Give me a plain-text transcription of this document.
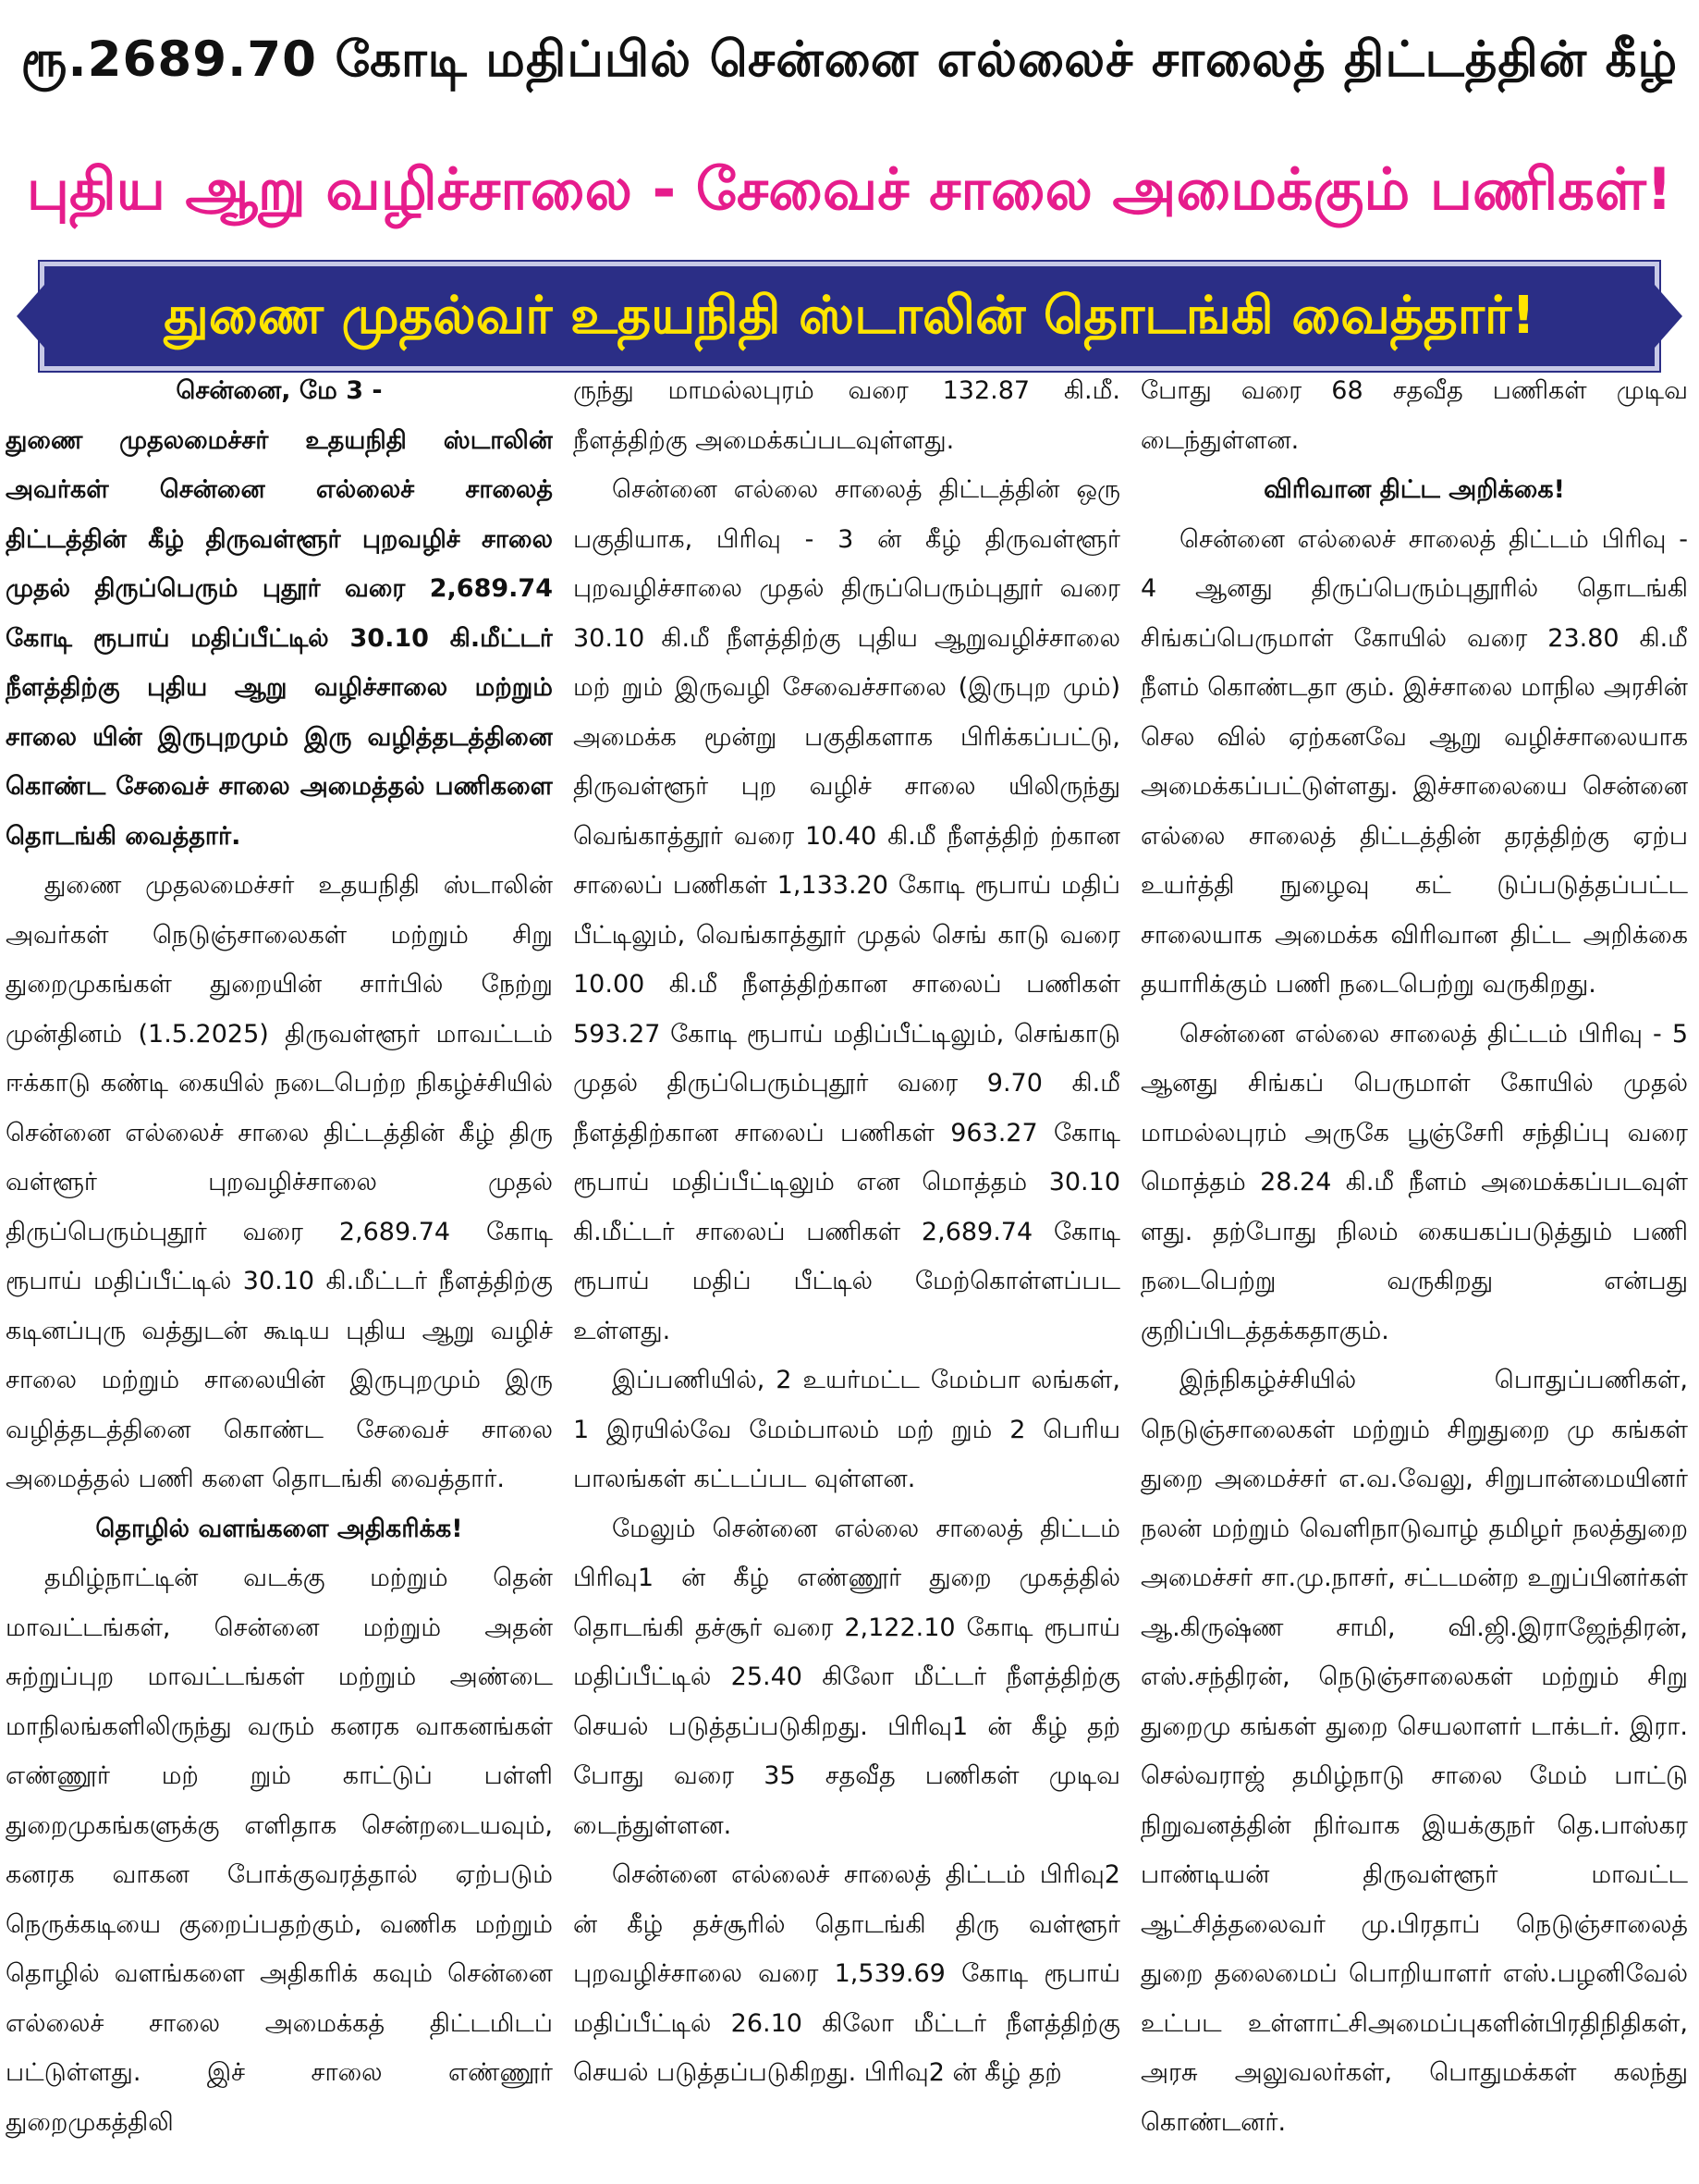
ரூ.2689.70 கோடி மதிப்பில் சென்னை எல்லைச் சாலைத் திட்டத்தின் கீழ்
புதிய ஆறு வழிச்சாலை - சேவைச் சாலை அமைக்கும் பணிகள்!
துணை முதல்வர் உதயநிதி ஸ்டாலின் தொடங்கி வைத்தார்!

சென்னை, மே 3 -
துணை முதலமைச்சர் உதயநிதி ஸ்டாலின் அவர்கள் சென்னை எல்லைச் சாலைத் திட்டத்தின் கீழ் திருவள்ளூர் புறவழிச் சாலை முதல் திருப்பெரும் புதூர் வரை 2,689.74 கோடி ரூபாய் மதிப்பீட்டில் 30.10 கி.மீட்டர் நீளத்திற்கு புதிய ஆறு வழிச்சாலை மற்றும் சாலை யின் இருபுறமும் இரு வழித்தடத்தினை கொண்ட சேவைச் சாலை அமைத்தல் பணிகளை தொடங்கி வைத்தார்.

துணை முதலமைச்சர் உதயநிதி ஸ்டாலின் அவர்கள் நெடுஞ்சாலைகள் மற்றும் சிறு துறைமுகங்கள் துறையின் சார்பில் நேற்று முன்தினம் (1.5.2025) திருவள்ளூர் மாவட்டம் ஈக்காடு கண்டி கையில் நடைபெற்ற நிகழ்ச்சியில் சென்னை எல்லைச் சாலை திட்டத்தின் கீழ் திரு வள்ளூர் புறவழிச்சாலை முதல் திருப்பெரும்புதூர் வரை 2,689.74 கோடி ரூபாய் மதிப்பீட்டில் 30.10 கி.மீட்டர் நீளத்திற்கு கடினப்புரு வத்துடன் கூடிய புதிய ஆறு வழிச் சாலை மற்றும் சாலையின் இருபுறமும் இரு வழித்தடத்தினை கொண்ட சேவைச் சாலை அமைத்தல் பணி களை தொடங்கி வைத்தார்.

தொழில் வளங்களை அதிகரிக்க!

தமிழ்நாட்டின் வடக்கு மற்றும் தென் மாவட்டங்கள், சென்னை மற்றும் அதன் சுற்றுப்புற மாவட்டங்கள் மற்றும் அண்டை மாநிலங்களிலிருந்து வரும் கனரக வாகனங்கள் எண்ணூர் மற் றும் காட்டுப் பள்ளி துறைமுகங்களுக்கு எளிதாக சென்றடையவும், கனரக வாகன போக்குவரத்தால் ஏற்படும் நெருக்கடியை குறைப்பதற்கும், வணிக மற்றும் தொழில் வளங்களை அதிகரிக் கவும் சென்னை எல்லைச் சாலை அமைக்கத் திட்டமிடப் பட்டுள்ளது. இச் சாலை எண்ணூர் துறைமுகத்திலி

ருந்து மாமல்லபுரம் வரை 132.87 கி.மீ. நீளத்திற்கு அமைக்கப்படவுள்ளது.

சென்னை எல்லை சாலைத் திட்டத்தின் ஒரு பகுதியாக, பிரிவு - 3 ன் கீழ் திருவள்ளூர் புறவழிச்சாலை முதல் திருப்பெரும்புதூர் வரை 30.10 கி.மீ நீளத்திற்கு புதிய ஆறுவழிச்சாலை மற் றும் இருவழி சேவைச்சாலை (இருபுற மும்) அமைக்க மூன்று பகுதிகளாக பிரிக்கப்பட்டு, திருவள்ளூர் புற வழிச் சாலை யிலிருந்து வெங்காத்தூர் வரை 10.40 கி.மீ நீளத்திற் ற்கான சாலைப் பணிகள் 1,133.20 கோடி ரூபாய் மதிப் பீட்டிலும், வெங்காத்தூர் முதல் செங் காடு வரை 10.00 கி.மீ நீளத்திற்கான சாலைப் பணிகள் 593.27 கோடி ரூபாய் மதிப்பீட்டிலும், செங்காடு முதல் திருப்பெரும்புதூர் வரை 9.70 கி.மீ நீளத்திற்கான சாலைப் பணிகள் 963.27 கோடி ரூபாய் மதிப்பீட்டிலும் என மொத்தம் 30.10 கி.மீட்டர் சாலைப் பணிகள் 2,689.74 கோடி ரூபாய் மதிப் பீட்டில் மேற்கொள்ளப்பட உள்ளது.

இப்பணியில், 2 உயர்மட்ட மேம்பா லங்கள், 1 இரயில்வே மேம்பாலம் மற் றும் 2 பெரிய பாலங்கள் கட்டப்பட வுள்ளன.

மேலும் சென்னை எல்லை சாலைத் திட்டம் பிரிவு1 ன் கீழ் எண்ணூர் துறை முகத்தில் தொடங்கி தச்சூர் வரை 2,122.10 கோடி ரூபாய் மதிப்பீட்டில் 25.40 கிலோ மீட்டர் நீளத்திற்கு செயல் படுத்தப்படுகிறது. பிரிவு1 ன் கீழ் தற் போது வரை 35 சதவீத பணிகள் முடிவ டைந்துள்ளன.

சென்னை எல்லைச் சாலைத் திட்டம் பிரிவு2 ன் கீழ் தச்சூரில் தொடங்கி திரு வள்ளூர் புறவழிச்சாலை வரை 1,539.69 கோடி ரூபாய் மதிப்பீட்டில் 26.10 கிலோ மீட்டர் நீளத்திற்கு செயல் படுத்தப்படுகிறது. பிரிவு2 ன் கீழ் தற்

போது வரை 68 சதவீத பணிகள் முடிவ டைந்துள்ளன.

விரிவான திட்ட அறிக்கை!

சென்னை எல்லைச் சாலைத் திட்டம் பிரிவு - 4 ஆனது திருப்பெரும்புதூரில் தொடங்கி சிங்கப்பெருமாள் கோயில் வரை 23.80 கி.மீ நீளம் கொண்டதா கும். இச்சாலை மாநில அரசின் செல வில் ஏற்கனவே ஆறு வழிச்சாலையாக அமைக்கப்பட்டுள்ளது. இச்சாலையை சென்னை எல்லை சாலைத் திட்டத்தின் தரத்திற்கு ஏற்ப உயர்த்தி நுழைவு கட் டுப்படுத்தப்பட்ட சாலையாக அமைக்க விரிவான திட்ட அறிக்கை தயாரிக்கும் பணி நடைபெற்று வருகிறது.

சென்னை எல்லை சாலைத் திட்டம் பிரிவு - 5 ஆனது சிங்கப் பெருமாள் கோயில் முதல் மாமல்லபுரம் அருகே பூஞ்சேரி சந்திப்பு வரை மொத்தம் 28.24 கி.மீ நீளம் அமைக்கப்படவுள் ளது. தற்போது நிலம் கையகப்படுத்தும் பணி நடைபெற்று வருகிறது என்பது குறிப்பிடத்தக்கதாகும்.

இந்நிகழ்ச்சியில் பொதுப்பணிகள், நெடுஞ்சாலைகள் மற்றும் சிறுதுறை மு கங்கள் துறை அமைச்சர் எ.வ.வேலு, சிறுபான்மையினர் நலன் மற்றும் வெளிநாடுவாழ் தமிழர் நலத்துறை அமைச்சர் சா.மு.நாசர், சட்டமன்ற உறுப்பினர்கள் ஆ.கிருஷ்ண சாமி, வி.ஜி.இராஜேந்திரன், எஸ்.சந்திரன், நெடுஞ்சாலைகள் மற்றும் சிறு துறைமு கங்கள் துறை செயலாளர் டாக்டர். இரா. செல்வராஜ் தமிழ்நாடு சாலை மேம் பாட்டு நிறுவனத்தின் நிர்வாக இயக்குநர் தெ.பாஸ்கர பாண்டியன் திருவள்ளூர் மாவட்ட ஆட்சித்தலைவர் மு.பிரதாப் நெடுஞ்சாலைத் துறை தலைமைப் பொறியாளர் எஸ்.பழனிவேல் உட்பட உள்ளாட்சிஅமைப்புகளின்பிரதிநிதிகள், அரசு அலுவலர்கள், பொதுமக்கள் கலந்து கொண்டனர்.
